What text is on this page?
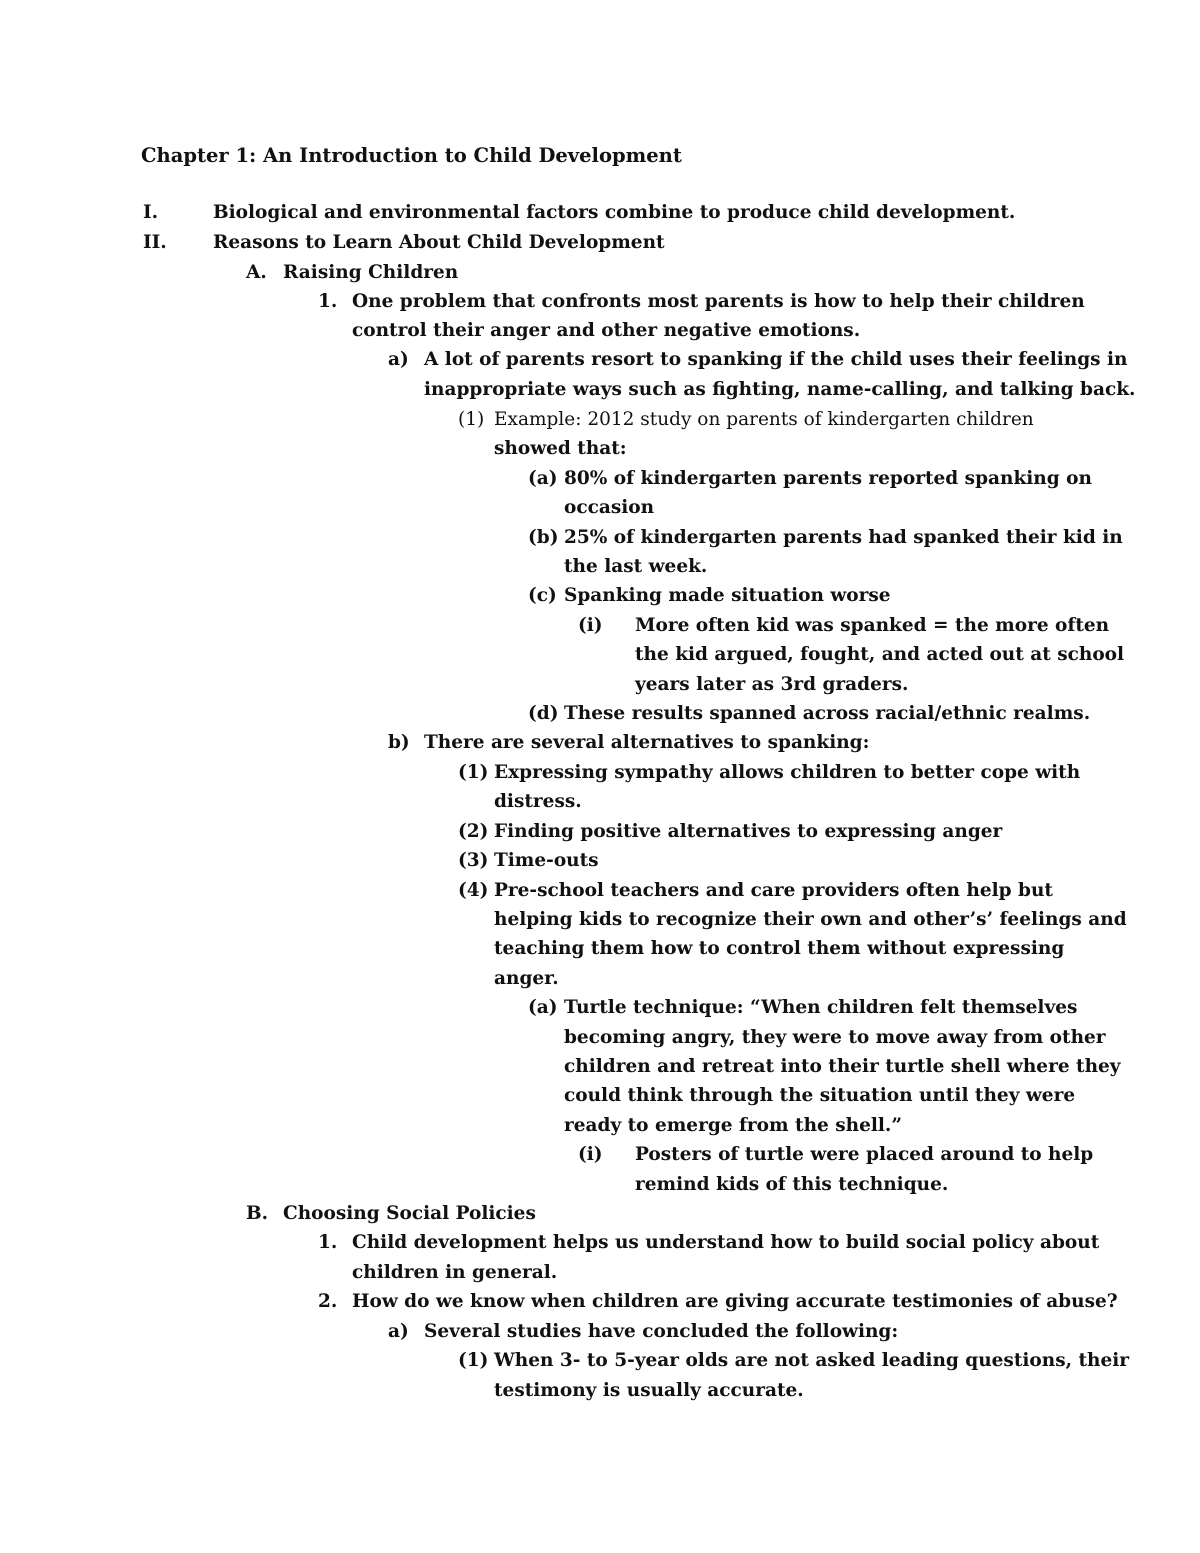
Chapter 1: An Introduction to Child Development
I.	Biological and environmental factors combine to produce child development.
II.	Reasons to Learn About Child Development
A. Raising Children
1. One problem that confronts most parents is how to help their children
control their anger and other negative emotions.
a) A lot of parents resort to spanking if the child uses their feelings in
inappropriate ways such as fighting, name-calling, and talking back.
(1) Example: 2012 study on parents of kindergarten children
showed that:
(a) 80% of kindergarten parents reported spanking on
occasion
(b) 25% of kindergarten parents had spanked their kid in
the last week.
(c) Spanking made situation worse
(i) More often kid was spanked = the more often
the kid argued, fought, and acted out at school
years later as 3rd graders.
(d) These results spanned across racial/ethnic realms.
b) There are several alternatives to spanking:
(1) Expressing sympathy allows children to better cope with
distress.
(2) Finding positive alternatives to expressing anger
(3) Time-outs
(4) Pre-school teachers and care providers often help but
helping kids to recognize their own and other’s’ feelings and
teaching them how to control them without expressing
anger.
(a) Turtle technique: “When children felt themselves
becoming angry, they were to move away from other
children and retreat into their turtle shell where they
could think through the situation until they were
ready to emerge from the shell.”
(i) Posters of turtle were placed around to help
remind kids of this technique.
B. Choosing Social Policies
1. Child development helps us understand how to build social policy about
children in general.
2. How do we know when children are giving accurate testimonies of abuse?
a) Several studies have concluded the following:
(1) When 3- to 5-year olds are not asked leading questions, their
testimony is usually accurate.
